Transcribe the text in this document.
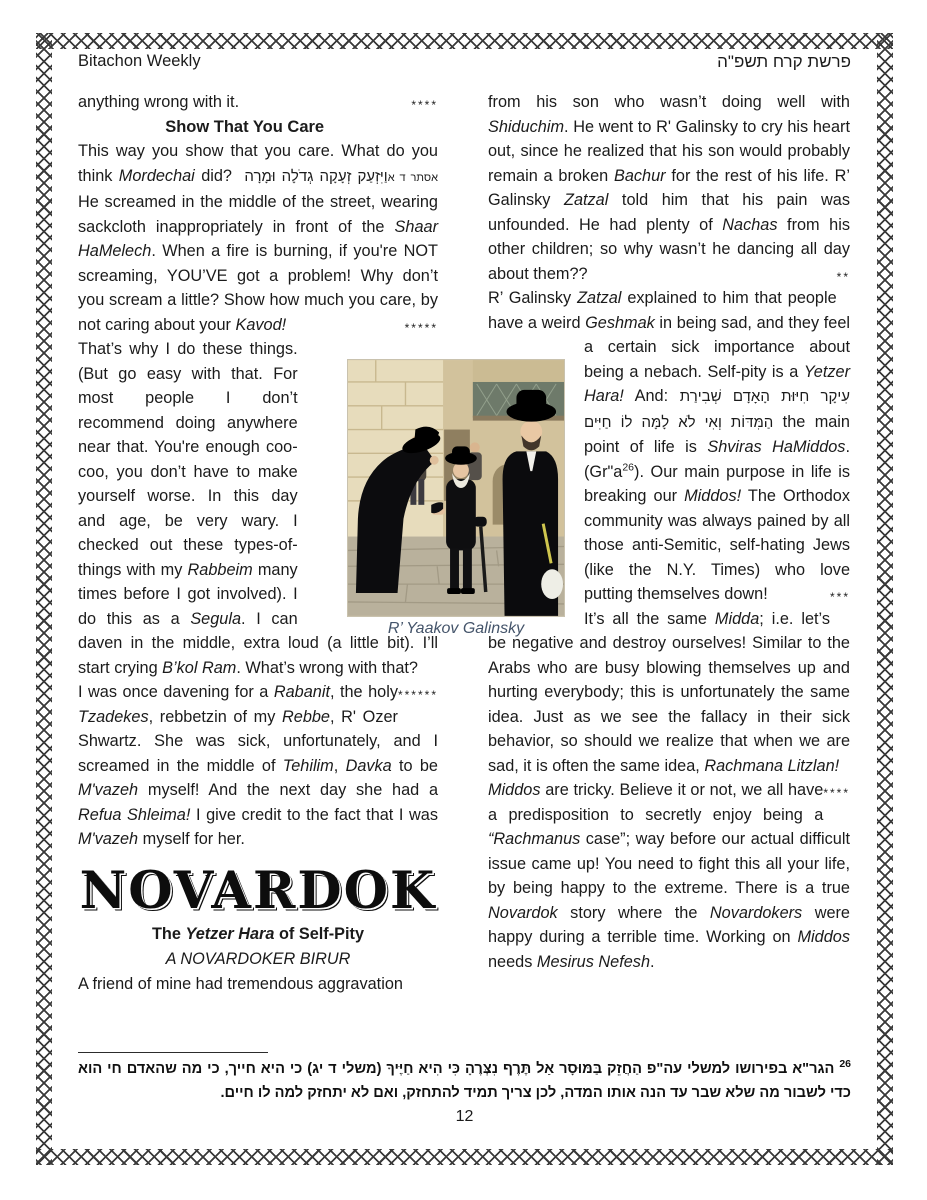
Bitachon Weekly	פרשת קרח תשפ"ה

anything wrong with it.	****

Show That You Care

This way you show that you care. What do you think Mordechai did? וַיִּזְעַק זְעָקָה גְדֹלָה וּמָרָה אסתר ד א He screamed in the middle of the street, wearing sackcloth inappropriately in front of the Shaar HaMelech. When a fire is burning, if you're NOT screaming, YOU’VE got a problem! Why don’t you scream a little? Show how much you care, by not caring about your Kavod!	*****

That’s why I do these things. (But go easy with that. For most people I don’t recommend doing anywhere near that. You're enough coo-coo, you don’t have to make yourself worse. In this day and age, be very wary. I checked out these types-of-things with my Rabbeim many times before I got involved). I do this as a Segula. I can daven in the middle, extra loud (a little bit). I’ll start crying B’kol Ram. What’s wrong with that?
******

I was once davening for a Rabanit, the holy Tzadekes, rebbetzin of my Rebbe, R' Ozer Shwartz. She was sick, unfortunately, and I screamed in the middle of Tehilim, Davka to be M'vazeh myself! And the next day she had a Refua Shleima! I give credit to the fact that I was M'vazeh myself for her.

NOVARDOK
The Yetzer Hara of Self-Pity
A NOVARDOKER BIRUR

A friend of mine had tremendous aggravation

from his son who wasn’t doing well with Shiduchim. He went to R' Galinsky to cry his heart out, since he realized that his son would probably remain a broken Bachur for the rest of his life. R’ Galinsky Zatzal told him that his pain was unfounded. He had plenty of Nachas from his other children; so why wasn’t he dancing all day about them??	**

R’ Galinsky Zatzal explained to him that people have a weird Geshmak in being sad, and they feel a certain sick importance about
being a nebach. Self-pity is a Yetzer Hara! And: עִיקָר חִיּוּת הָאָדָם שְׁבִירַת הַמִּדּוֹת וְאִי לֹא לָמָּה לוֹ חַיִּים the main point of life is Shviras HaMiddos. $(Gr"a^{26})$. Our main purpose in life is breaking our Middos! The Orthodox community was always pained by all those anti-Semitic, self-hating Jews (like the N.Y. Times) who love putting themselves down!	***

It’s all the same Midda; i.e. let’s be negative and destroy ourselves! Similar to the Arabs who are busy blowing themselves up and hurting everybody; this is unfortunately the same idea. Just as we see the fallacy in their sick behavior, so should we realize that when we are sad, it is often the same idea, Rachmana Litzlan!
****

Middos are tricky. Believe it or not, we all have a predisposition to secretly enjoy being a “Rachmanus case”; way before our actual difficult issue came up! You need to fight this all your life, by being happy to the extreme. There is a true Novardok story where the Novardokers were happy during a terrible time. Working on Middos needs Mesirus Nefesh.

R’ Yaakov Galinsky
$^{26}$ הגר"א בפירושו למשלי עה"פ הַחֲזֵק בַּמּוּסָר אַל תֶּרֶף נִצְּרֶהָ כִּי הִיא חַיֶּיךָ (משלי ד יג) כי היא חייך, כי מה שהאדם חי הוא כדי לשבור מה שלא שבר עד הנה אותו המדה, לכן צריך תמיד להתחזק, ואם לא יתחזק למה לו חיים.
12
